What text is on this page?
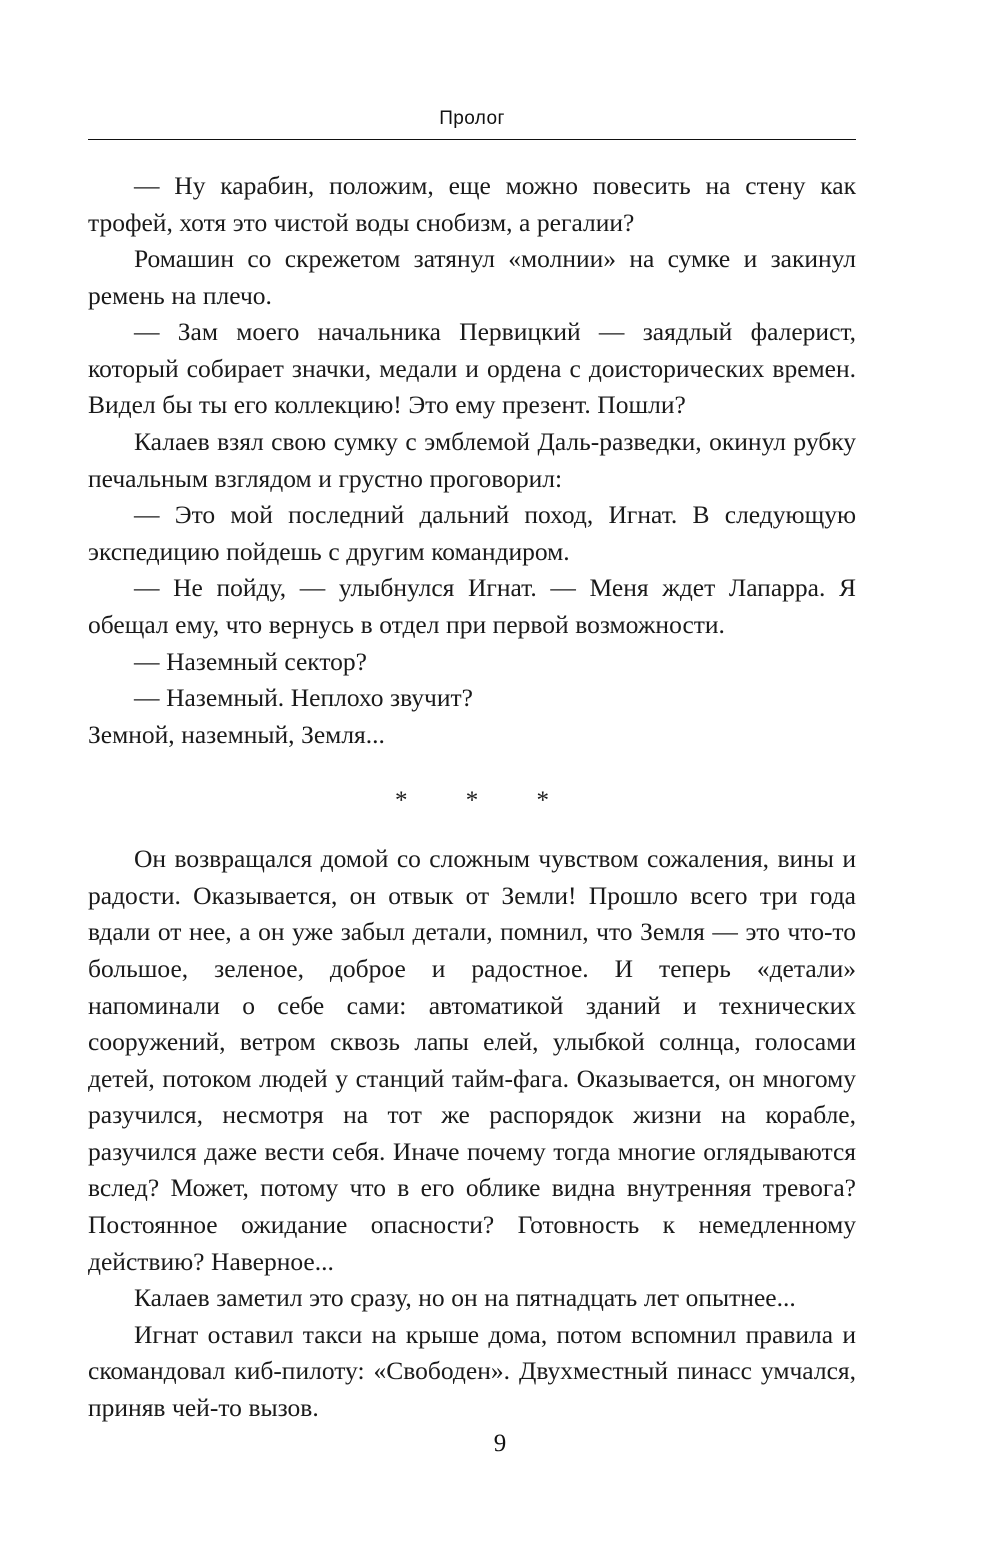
Пролог

— Ну карабин, положим, еще можно повесить на стену как трофей, хотя это чистой воды снобизм, а регалии?

Ромашин со скрежетом затянул «молнии» на сумке и закинул ремень на плечо.

— Зам моего начальника Первицкий — заядлый фалерист, который собирает значки, медали и ордена с доисторических времен. Видел бы ты его коллекцию! Это ему презент. Пошли?

Калаев взял свою сумку с эмблемой Даль-разведки, окинул рубку печальным взглядом и грустно проговорил:

— Это мой последний дальний поход, Игнат. В следующую экспедицию пойдешь с другим командиром.

— Не пойду, — улыбнулся Игнат. — Меня ждет Лапарра. Я обещал ему, что вернусь в отдел при первой возможности.

— Наземный сектор?

— Наземный. Неплохо звучит?

Земной, наземный, Земля...

* * *

Он возвращался домой со сложным чувством сожаления, вины и радости. Оказывается, он отвык от Земли! Прошло всего три года вдали от нее, а он уже забыл детали, помнил, что Земля — это что-то большое, зеленое, доброе и радостное. И теперь «детали» напоминали о себе сами: автоматикой зданий и технических сооружений, ветром сквозь лапы елей, улыбкой солнца, голосами детей, потоком людей у станций тайм-фага. Оказывается, он многому разучился, несмотря на тот же распорядок жизни на корабле, разучился даже вести себя. Иначе почему тогда многие оглядываются вслед? Может, потому что в его облике видна внутренняя тревога? Постоянное ожидание опасности? Готовность к немедленному действию? Наверное...

Калаев заметил это сразу, но он на пятнадцать лет опытнее...

Игнат оставил такси на крыше дома, потом вспомнил правила и скомандовал киб-пилоту: «Свободен». Двухместный пинасс умчался, приняв чей-то вызов.

9
